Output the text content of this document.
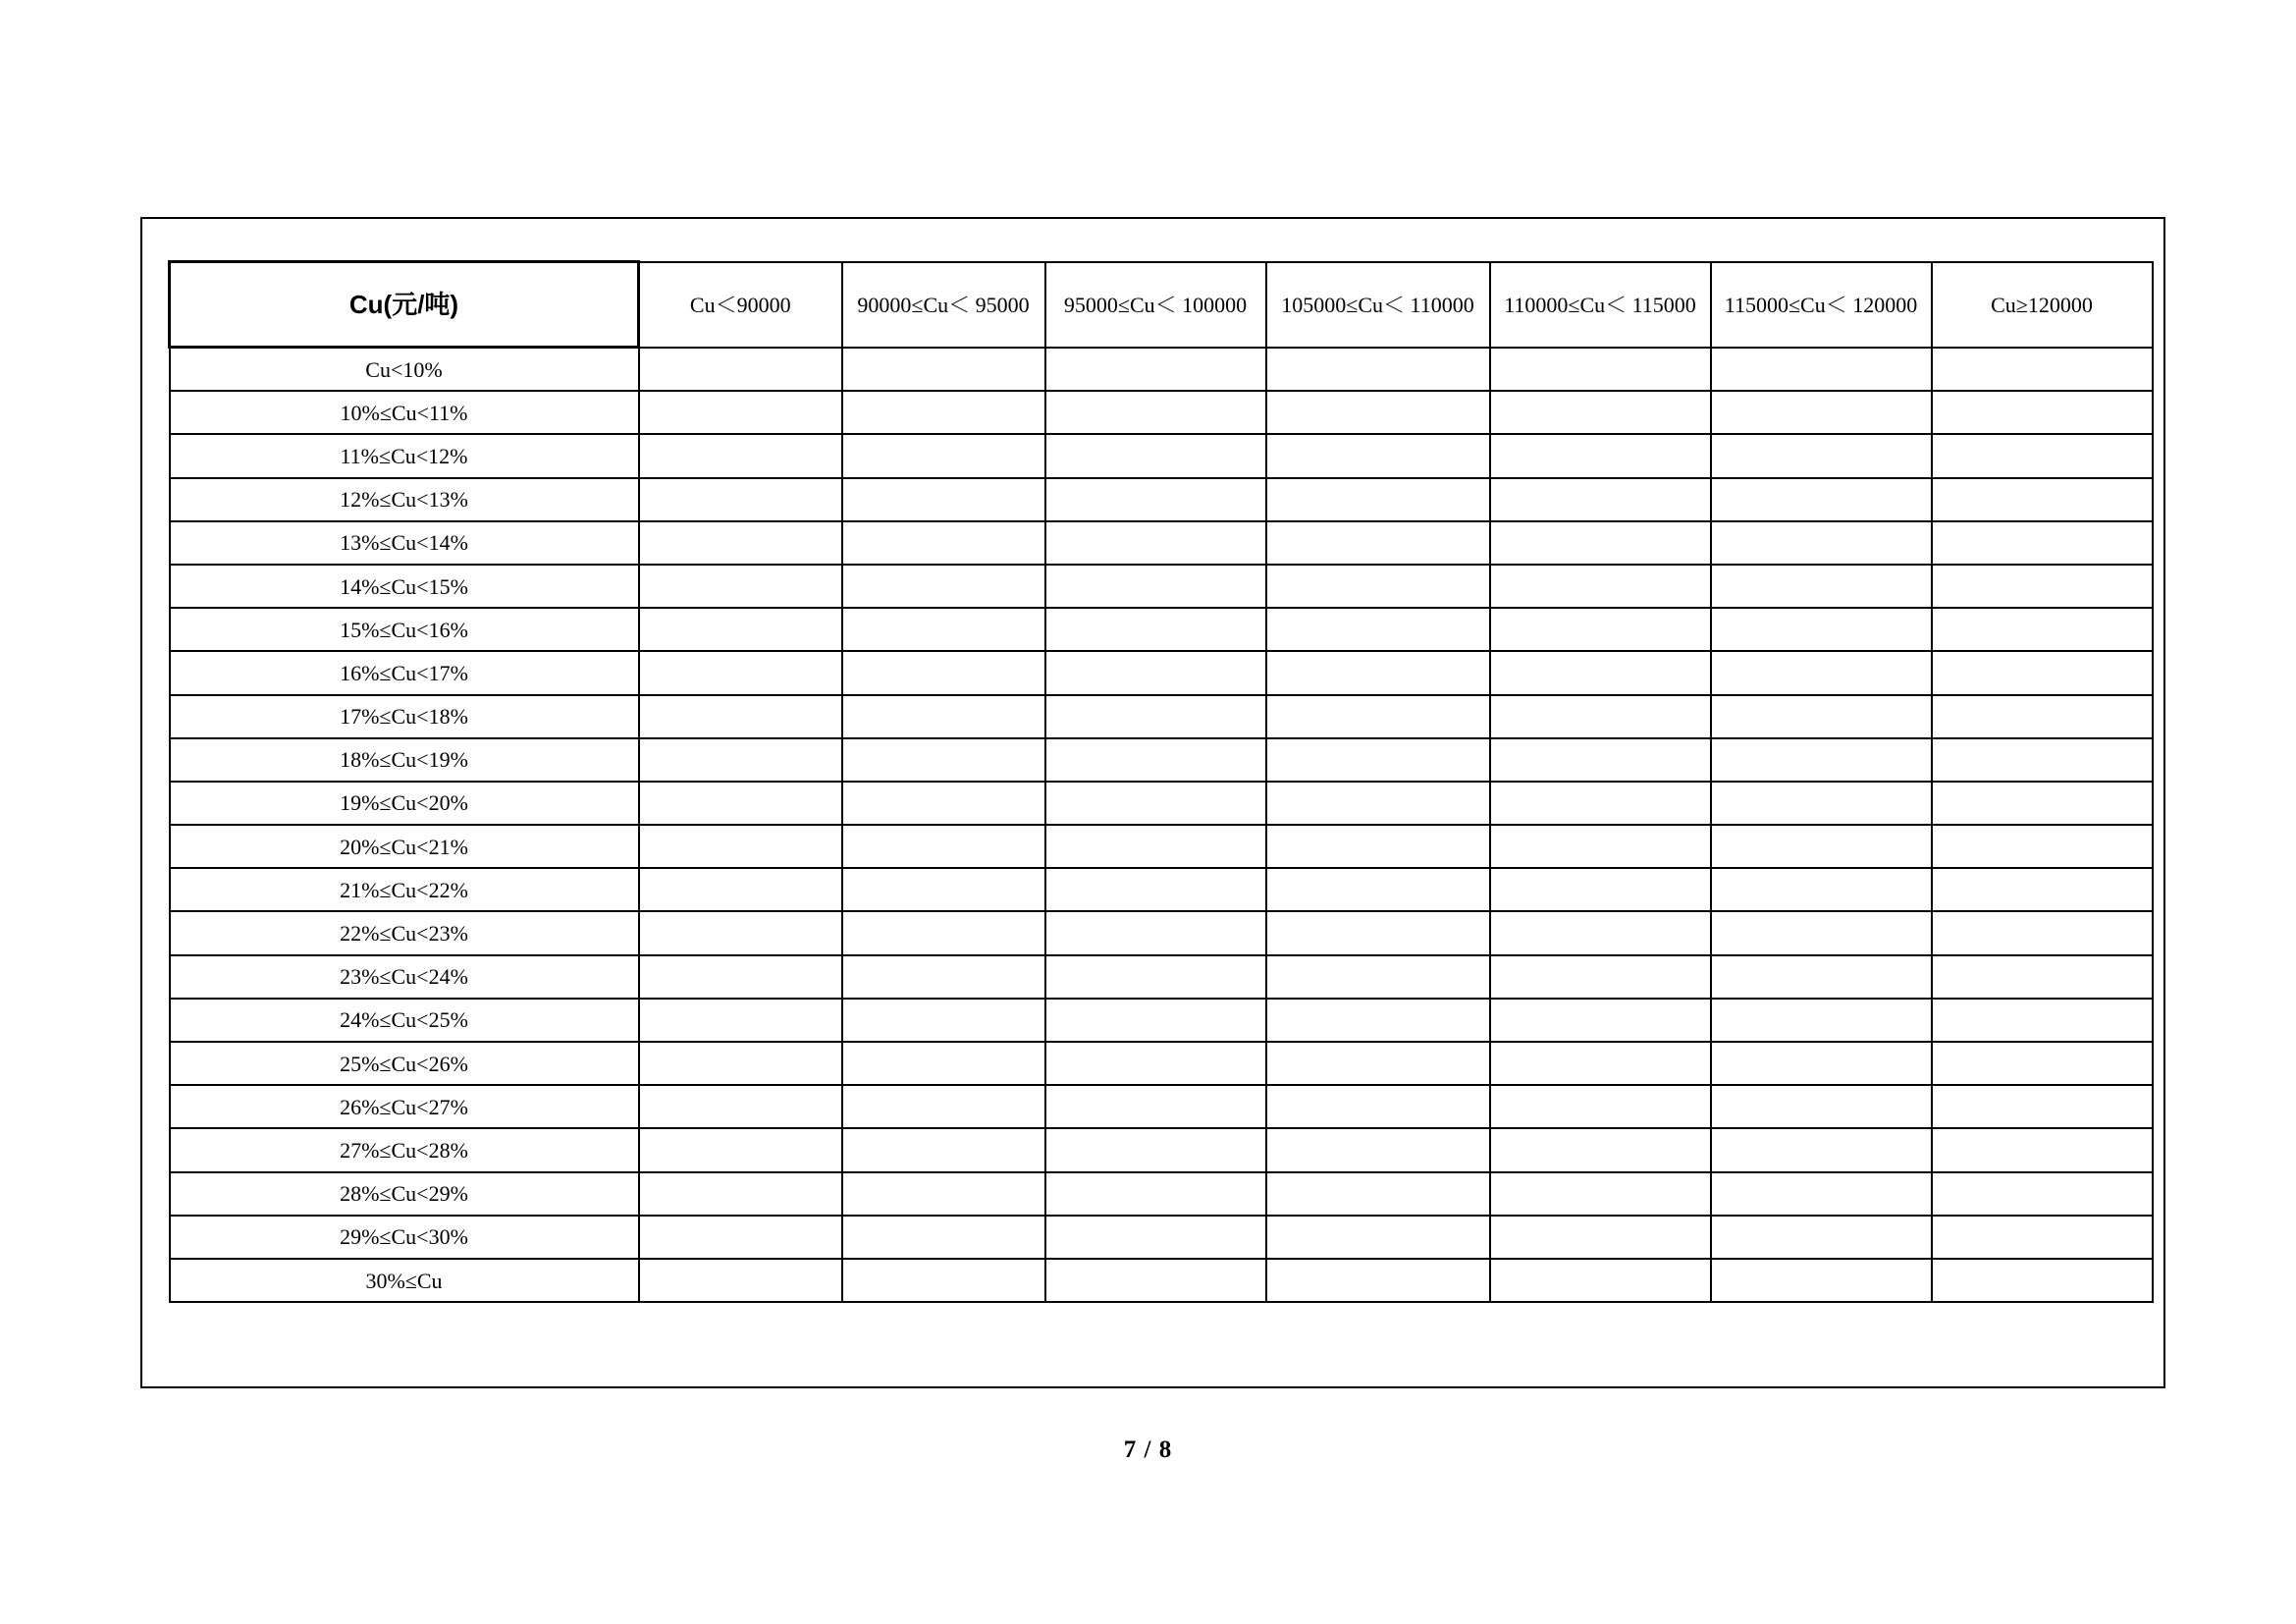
Cu(元/吨)	Cu＜90000	90000≤Cu＜ 95000	95000≤Cu＜ 100000	105000≤Cu＜ 110000	110000≤Cu＜ 115000	115000≤Cu＜ 120000	Cu≥120000
Cu<10%							
10%≤Cu<11%							
11%≤Cu<12%							
12%≤Cu<13%							
13%≤Cu<14%							
14%≤Cu<15%							
15%≤Cu<16%							
16%≤Cu<17%							
17%≤Cu<18%							
18%≤Cu<19%							
19%≤Cu<20%							
20%≤Cu<21%							
21%≤Cu<22%							
22%≤Cu<23%							
23%≤Cu<24%							
24%≤Cu<25%							
25%≤Cu<26%							
26%≤Cu<27%							
27%≤Cu<28%							
28%≤Cu<29%							
29%≤Cu<30%							
30%≤Cu							
7 / 8
